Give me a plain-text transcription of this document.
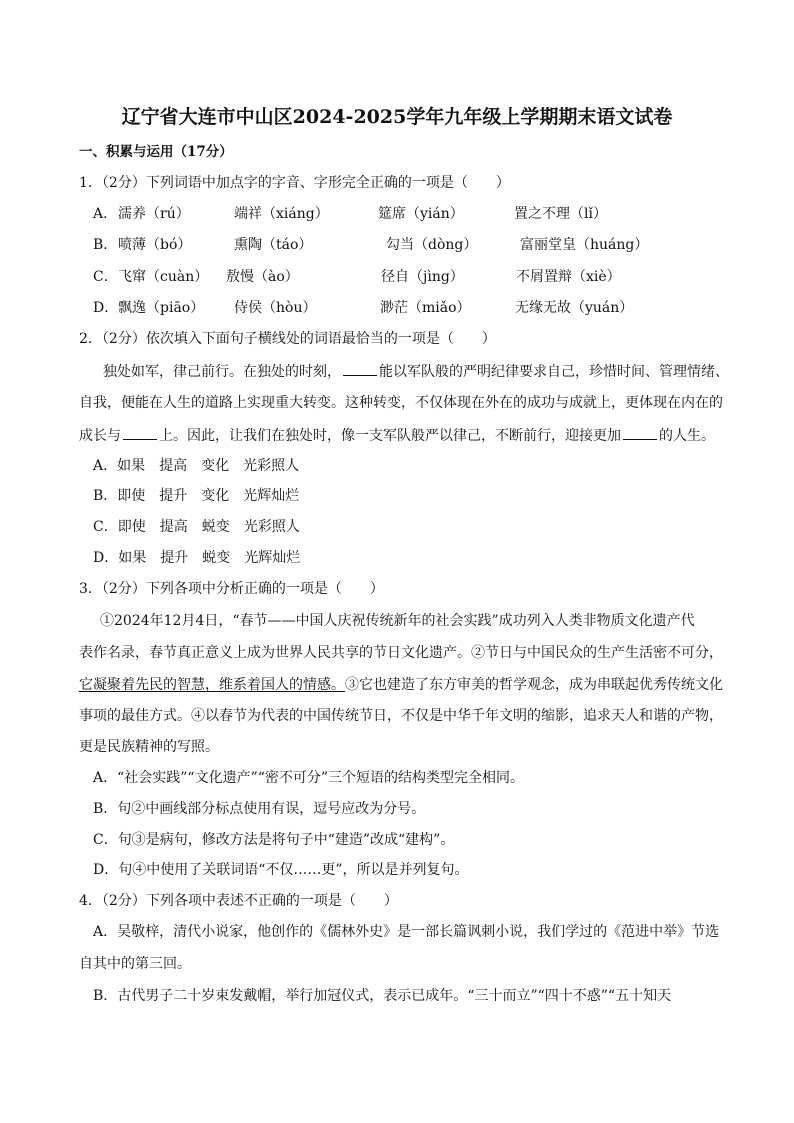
辽宁省大连市中山区2024-2025学年九年级上学期期末语文试卷
一、积累与运用（17分）
1．（2分）下列词语中加点字的字音、字形完全正确的一项是（　　）
A． 濡养（rú）	端祥（xiáng）	筵席（yián）	置之不理（lǐ）
B． 喷薄（bó）	熏陶（táo）	勾当（dòng）	富丽堂皇（huáng）
C． 飞窜（cuàn） 敖慢（ào）	径自（jìng）	不屑置辩（xiè）
D． 飘逸（piāo） 侍侯（hòu）	渺茫（miǎo）	无缘无故（yuán）
2．（2分）依次填入下面句子横线处的词语最恰当的一项是（　　）
独处如军，律己前行。在独处的时刻，	能以军队般的严明纪律要求自己，珍惜时间、管理情绪、
自我，便能在人生的道路上实现重大转变。这种转变，不仅体现在外在的成功与成就上，更体现在内在的
成长与	上。因此，让我们在独处时，像一支军队般严以律己，不断前行，迎接更加	的人生。
A．如果　提高　变化　光彩照人
B．即使　提升　变化　光辉灿烂
C．即使　提高　蜕变　光彩照人
D．如果　提升　蜕变　光辉灿烂
3．（2分）下列各项中分析正确的一项是（　　）
①2024年12月4日，“春节——中国人庆祝传统新年的社会实践”成功列入人类非物质文化遗产代
表作名录，春节真正意义上成为世界人民共享的节日文化遗产。②节日与中国民众的生产生活密不可分，
它凝聚着先民的智慧，维系着国人的情感。③它也建造了东方审美的哲学观念，成为串联起优秀传统文化
事项的最佳方式。④以春节为代表的中国传统节日，不仅是中华千年文明的缩影，追求天人和谐的产物，
更是民族精神的写照。
A．“社会实践”“文化遗产”“密不可分”三个短语的结构类型完全相同。
B．句②中画线部分标点使用有误，逗号应改为分号。
C．句③是病句，修改方法是将句子中“建造”改成“建构”。
D．句④中使用了关联词语“不仅……更”，所以是并列复句。
4．（2分）下列各项中表述不正确的一项是（　　）
A．吴敬梓，清代小说家，他创作的《儒林外史》是一部长篇讽刺小说，我们学过的《范进中举》节选
自其中的第三回。
B．古代男子二十岁束发戴帽，举行加冠仪式，表示已成年。“三十而立”“四十不惑”“五十知天
